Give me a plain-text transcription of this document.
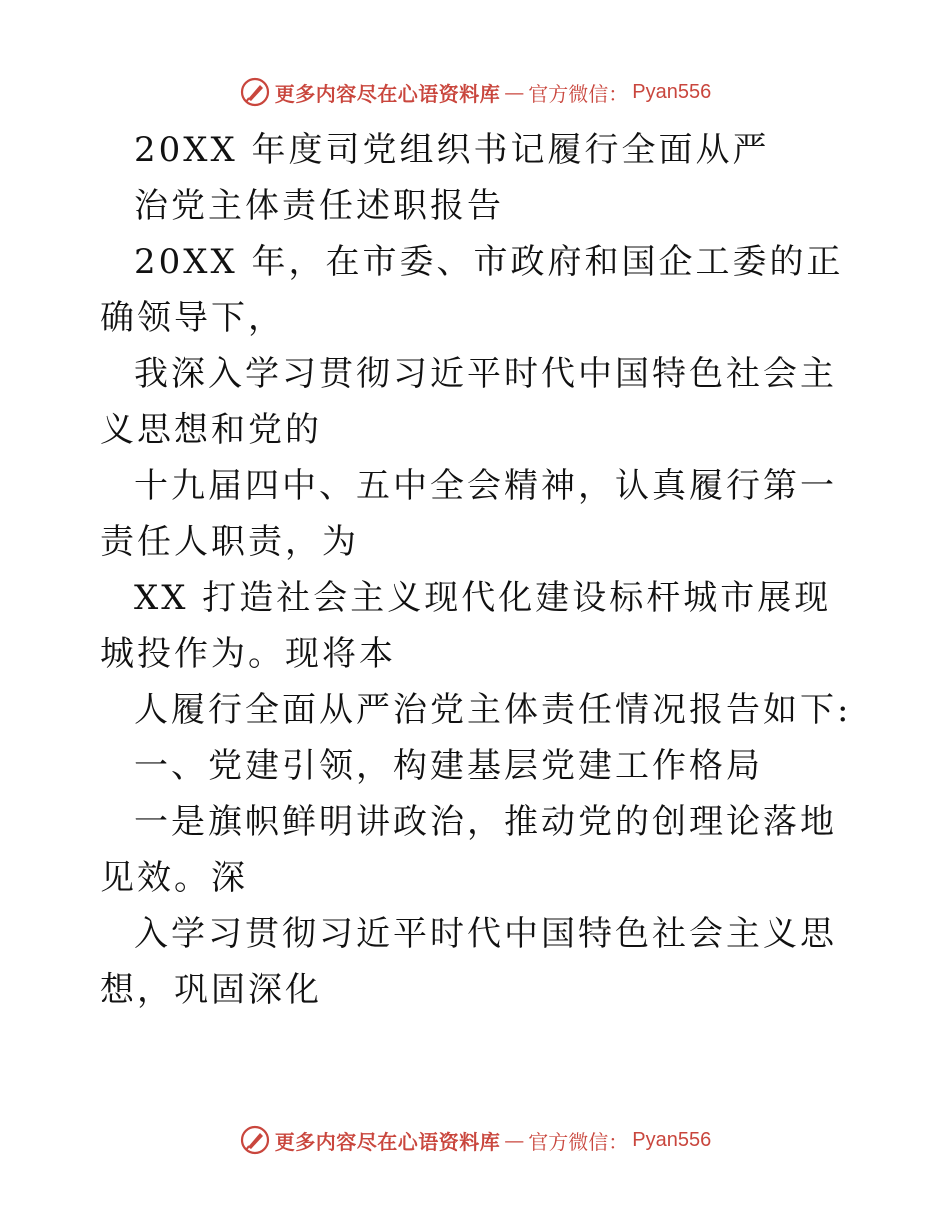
更多内容尽在心语资料库 — 官方微信： Pyan556

20XX 年度司党组织书记履行全面从严

治党主体责任述职报告

20XX 年，在市委、市政府和国企工委的正确领导下，

我深入学习贯彻习近平时代中国特色社会主义思想和党的

十九届四中、五中全会精神，认真履行第一责任人职责，为

XX 打造社会主义现代化建设标杆城市展现城投作为。现将本

人履行全面从严治党主体责任情况报告如下:

一、党建引领，构建基层党建工作格局

一是旗帜鲜明讲政治，推动党的创理论落地见效。深

入学习贯彻习近平时代中国特色社会主义思想，巩固深化

更多内容尽在心语资料库 — 官方微信： Pyan556
